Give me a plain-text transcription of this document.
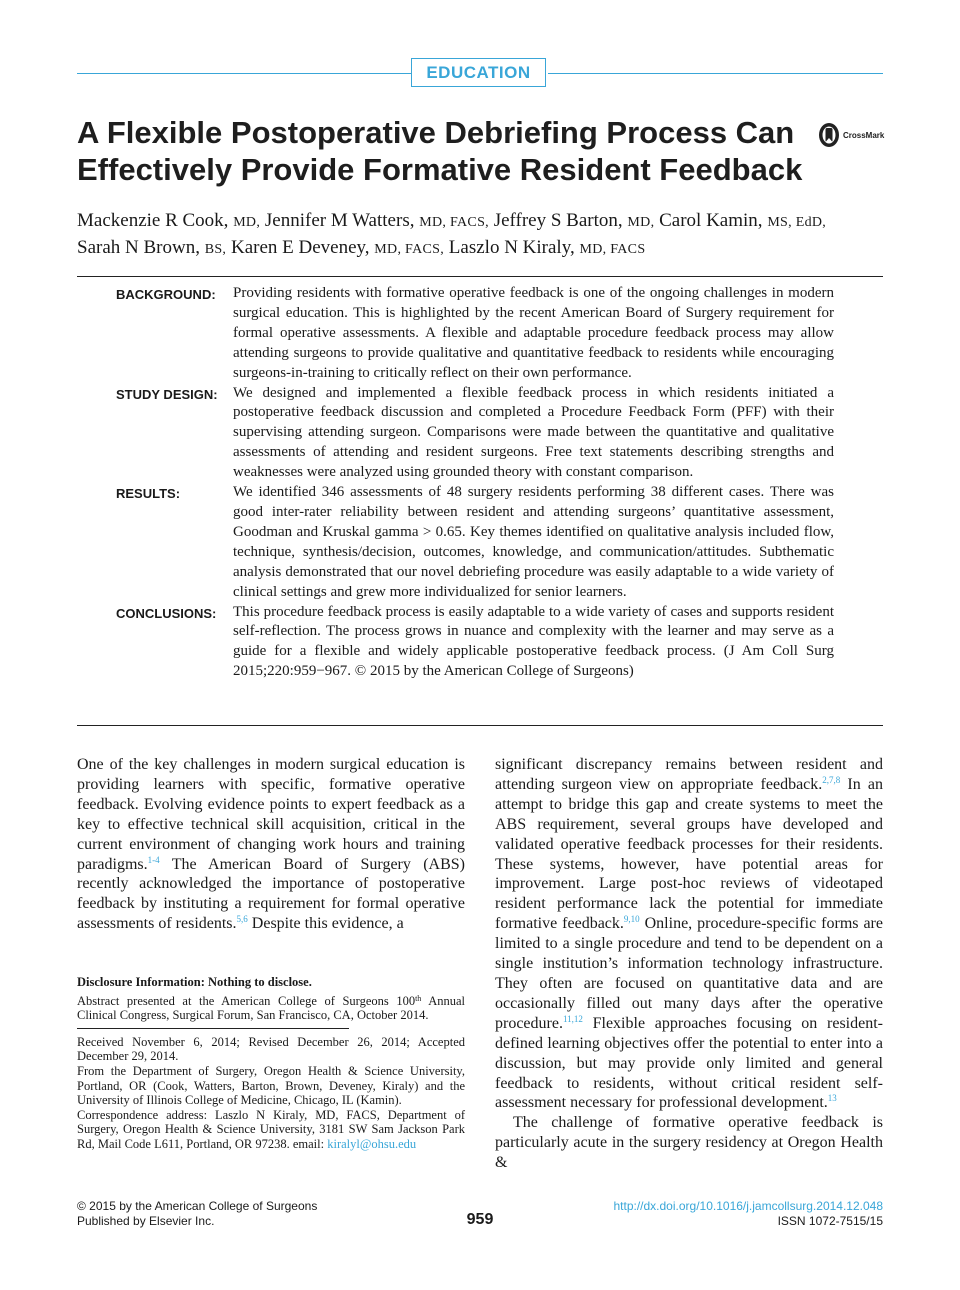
EDUCATION
A Flexible Postoperative Debriefing Process Can Effectively Provide Formative Resident Feedback
CrossMark
Mackenzie R Cook, MD, Jennifer M Watters, MD, FACS, Jeffrey S Barton, MD, Carol Kamin, MS, EdD,
Sarah N Brown, BS, Karen E Deveney, MD, FACS, Laszlo N Kiraly, MD, FACS
BACKGROUND:	Providing residents with formative operative feedback is one of the ongoing challenges in modern surgical education. This is highlighted by the recent American Board of Surgery requirement for formal operative assessments. A flexible and adaptable procedure feedback process may allow attending surgeons to provide qualitative and quantitative feedback to residents while encouraging surgeons-in-training to critically reflect on their own performance.
STUDY DESIGN:	We designed and implemented a flexible feedback process in which residents initiated a postoperative feedback discussion and completed a Procedure Feedback Form (PFF) with their supervising attending surgeon. Comparisons were made between the quantitative and qualitative assessments of attending and resident surgeons. Free text statements describing strengths and weaknesses were analyzed using grounded theory with constant comparison.
RESULTS:	We identified 346 assessments of 48 surgery residents performing 38 different cases. There was good inter-rater reliability between resident and attending surgeons’ quantitative assessment, Goodman and Kruskal gamma > 0.65. Key themes identified on qualitative analysis included flow, technique, synthesis/decision, outcomes, knowledge, and communication/attitudes. Subthematic analysis demonstrated that our novel debriefing procedure was easily adaptable to a wide variety of clinical settings and grew more individualized for senior learners.
CONCLUSIONS:	This procedure feedback process is easily adaptable to a wide variety of cases and supports resident self-reflection. The process grows in nuance and complexity with the learner and may serve as a guide for a flexible and widely applicable postoperative feedback process. (J Am Coll Surg 2015;220:959−967. © 2015 by the American College of Surgeons)

One of the key challenges in modern surgical education is providing learners with specific, formative operative feedback. Evolving evidence points to expert feedback as a key to effective technical skill acquisition, critical in the current environment of changing work hours and training paradigms.$^{1-4}$ The American Board of Surgery (ABS) recently acknowledged the importance of postoperative feedback by instituting a requirement for formal operative assessments of residents.$^{5,6}$ Despite this evidence, a

Disclosure Information: Nothing to disclose.

Abstract presented at the American College of Surgeons 100th Annual Clinical Congress, Surgical Forum, San Francisco, CA, October 2014.

Received November 6, 2014; Revised December 26, 2014; Accepted December 29, 2014.

From the Department of Surgery, Oregon Health & Science University, Portland, OR (Cook, Watters, Barton, Brown, Deveney, Kiraly) and the University of Illinois College of Medicine, Chicago, IL (Kamin).

Correspondence address: Laszlo N Kiraly, MD, FACS, Department of Surgery, Oregon Health & Science University, 3181 SW Sam Jackson Park Rd, Mail Code L611, Portland, OR 97238. email: kiralyl@ohsu.edu

significant discrepancy remains between resident and attending surgeon view on appropriate feedback.$^{2,7,8}$ In an attempt to bridge this gap and create systems to meet the ABS requirement, several groups have developed and validated operative feedback processes for their residents. These systems, however, have potential areas for improvement. Large post-hoc reviews of videotaped resident performance lack the potential for immediate formative feedback.$^{9,10}$ Online, procedure-specific forms are limited to a single procedure and tend to be dependent on a single institution’s information technology infrastructure. They often are focused on quantitative data and are occasionally filled out many days after the operative procedure.$^{11,12}$ Flexible approaches focusing on resident-defined learning objectives offer the potential to enter into a discussion, but may provide only limited and general feedback to residents, without critical resident self-assessment necessary for professional development.$^{13}$

The challenge of formative operative feedback is particularly acute in the surgery residency at Oregon Health &

© 2015 by the American College of Surgeons
Published by Elsevier Inc.	959
http://dx.doi.org/10.1016/j.jamcollsurg.2014.12.048
ISSN 1072-7515/15
